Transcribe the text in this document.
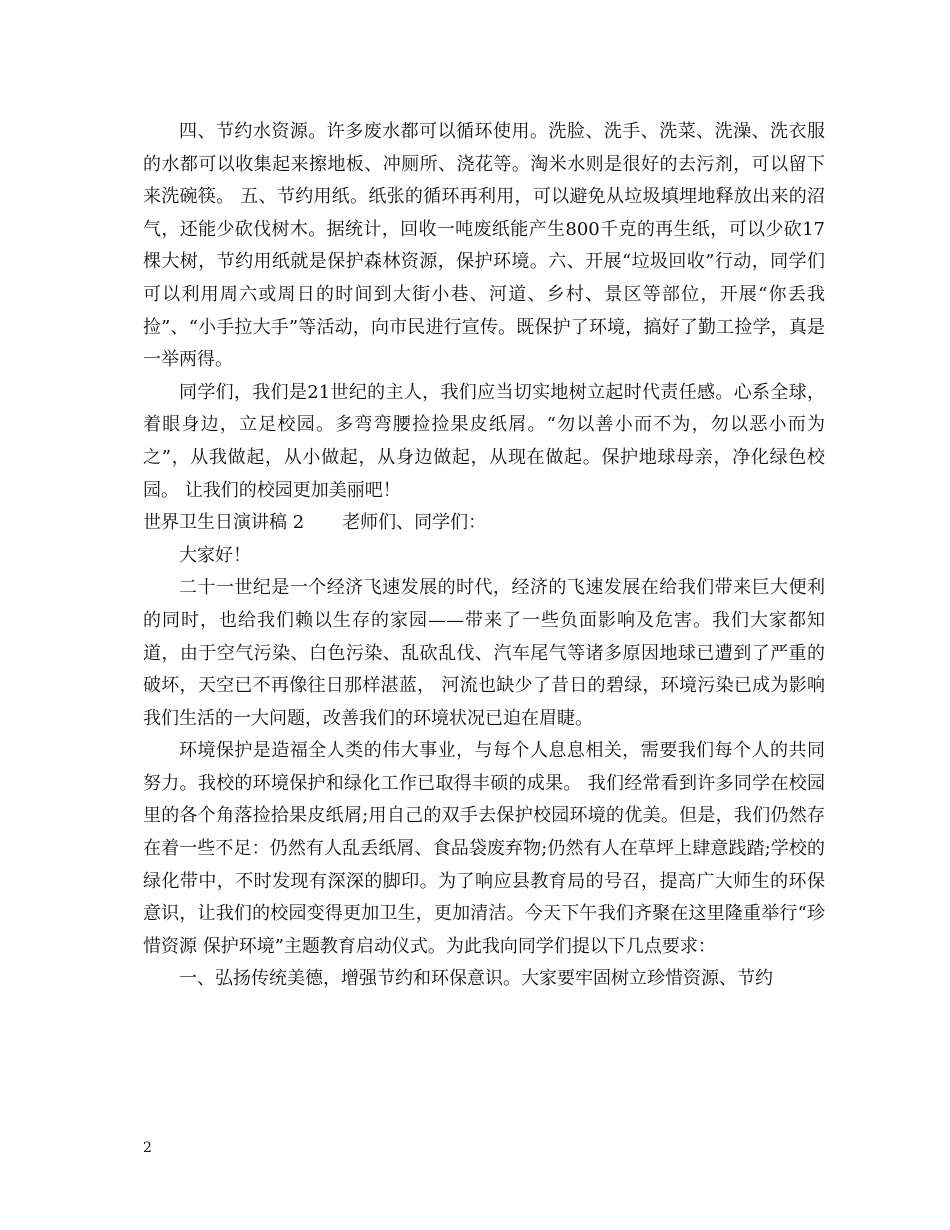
四、节约水资源。许多废水都可以循环使用。洗脸、洗手、洗菜、洗澡、洗衣服的水都可以收集起来擦地板、冲厕所、浇花等。淘米水则是很好的去污剂，可以留下来洗碗筷。 五、节约用纸。纸张的循环再利用，可以避免从垃圾填埋地释放出来的沼气，还能少砍伐树木。据统计，回收一吨废纸能产生800千克的再生纸，可以少砍17棵大树，节约用纸就是保护森林资源，保护环境。六、开展“垃圾回收”行动，同学们可以利用周六或周日的时间到大街小巷、河道、乡村、景区等部位，开展“你丢我捡”、“小手拉大手”等活动，向市民进行宣传。既保护了环境，搞好了勤工捡学，真是一举两得。

同学们，我们是21世纪的主人，我们应当切实地树立起时代责任感。心系全球，着眼身边，立足校园。多弯弯腰捡捡果皮纸屑。“勿以善小而不为，勿以恶小而为之”，从我做起，从小做起，从身边做起，从现在做起。保护地球母亲，净化绿色校园。 让我们的校园更加美丽吧！

世界卫生日演讲稿 2 老师们、同学们：

大家好！

二十一世纪是一个经济飞速发展的时代，经济的飞速发展在给我们带来巨大便利的同时，也给我们赖以生存的家园——带来了一些负面影响及危害。我们大家都知道，由于空气污染、白色污染、乱砍乱伐、汽车尾气等诸多原因地球已遭到了严重的破坏，天空已不再像往日那样湛蓝， 河流也缺少了昔日的碧绿，环境污染已成为影响我们生活的一大问题，改善我们的环境状况已迫在眉睫。

环境保护是造福全人类的伟大事业，与每个人息息相关，需要我们每个人的共同努力。我校的环境保护和绿化工作已取得丰硕的成果。 我们经常看到许多同学在校园里的各个角落捡拾果皮纸屑;用自己的双手去保护校园环境的优美。但是，我们仍然存在着一些不足：仍然有人乱丢纸屑、食品袋废弃物;仍然有人在草坪上肆意践踏;学校的绿化带中，不时发现有深深的脚印。为了响应县教育局的号召，提高广大师生的环保意识，让我们的校园变得更加卫生，更加清洁。今天下午我们齐聚在这里隆重举行“珍惜资源 保护环境”主题教育启动仪式。为此我向同学们提以下几点要求：

一、弘扬传统美德，增强节约和环保意识。大家要牢固树立珍惜资源、节约

2
